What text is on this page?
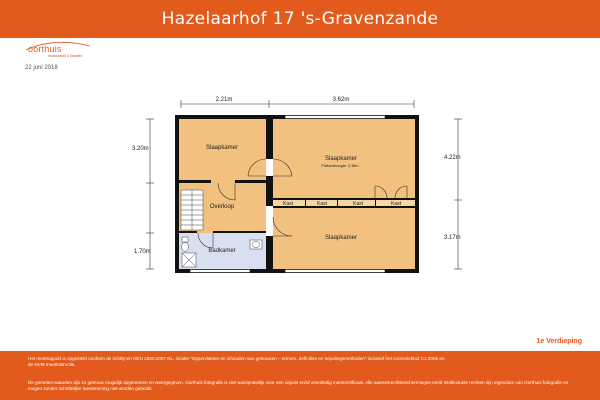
Hazelaarhof 17 's-Gravenzande
oorthuis
makelaardij & taxaties
22 juni 2018
2.21m	3.62m
3.20m
1.70m
4.22m
3.17m
Slaapkamer
Slaapkamer
Plafondhoogte: 2.38m
Overloop
Badkamer
Slaapkamer
Kast	Kast	Kast	Kast
1e Verdieping
Het meetrapport is opgesteld conform de richtlijnen NEN 2580:2007 NL, inzake "Oppervlakten en inhouden van gebouwen – termen, definities en bepalingsmethoden" inclusief het correctieblad C1:2008 en de NVM meetinstructie.
De gemeten waarden zijn zo getrouw mogelijk opgenomen en weergegeven. Oorthuis fotografie is niet aansprakelijk voor een onjuist en/of onvolledig meetcertificaat. Alle auteursrechtbeschermingen en/of intellectuele rechten zijn eigendom van Oorthuis fotografie en mogen zonder schriftelijke toestemming niet worden gebruikt.
